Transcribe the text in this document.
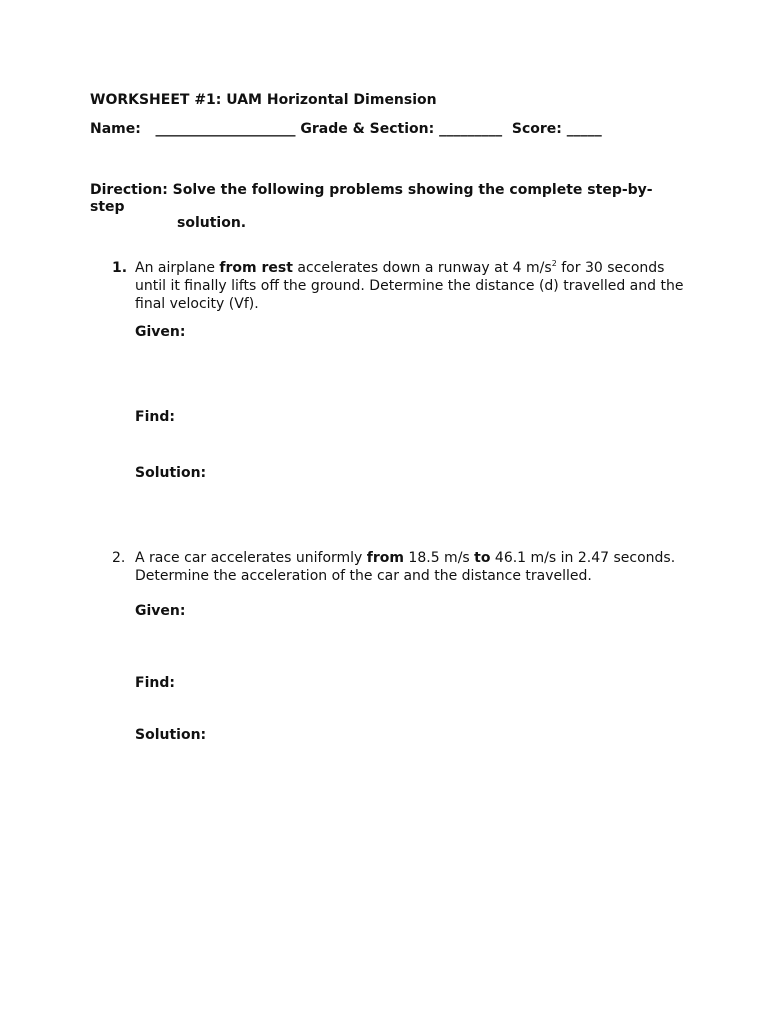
WORKSHEET #1: UAM Horizontal Dimension
Name: ____________________ Grade & Section: _________ Score: _____
Direction: Solve the following problems showing the complete step-by-step
solution.
1. An airplane from rest accelerates down a runway at 4 $m/s^2$ for 30 seconds until it finally lifts off the ground. Determine the distance (d) travelled and the final velocity (Vf).
Given:
Find:
Solution:
2. A race car accelerates uniformly from 18.5 m/s to 46.1 m/s in 2.47 seconds. Determine the acceleration of the car and the distance travelled.
Given:
Find:
Solution:
